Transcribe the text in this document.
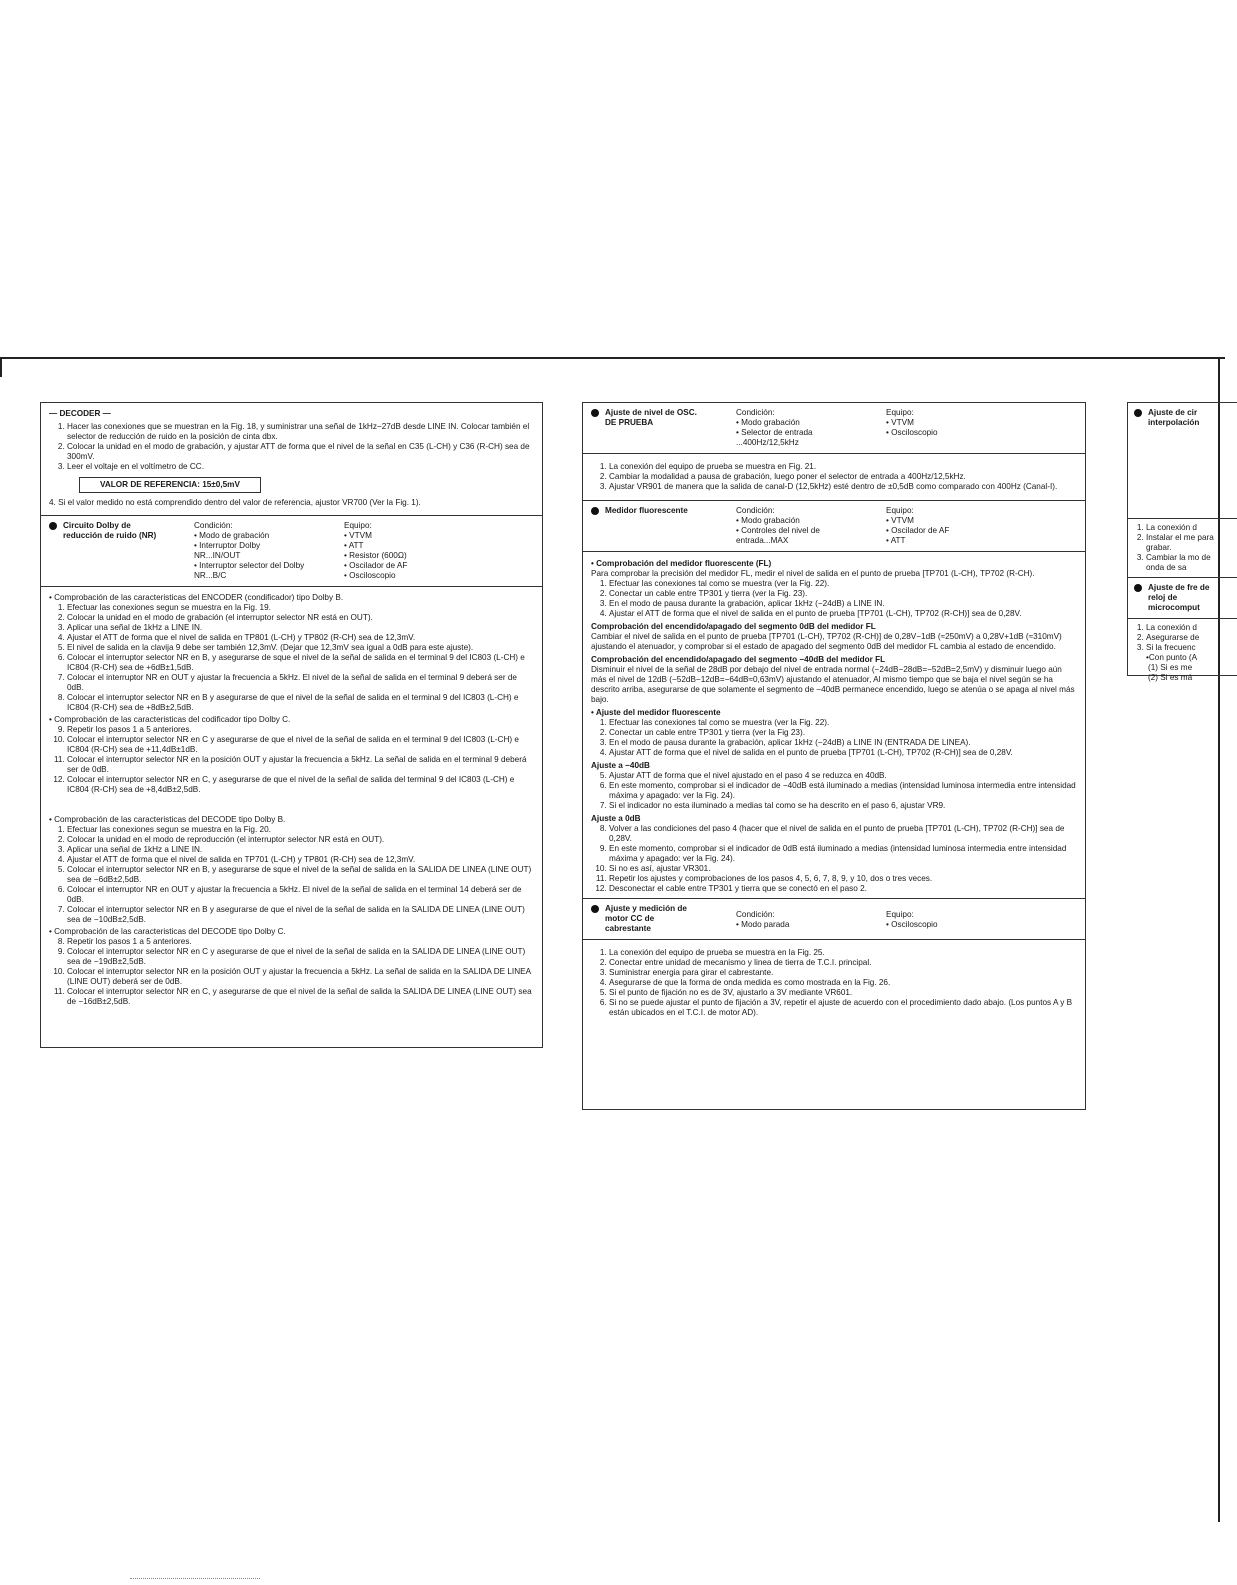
— DECODER —
1. Hacer las conexiones que se muestran en la Fig. 18, y suministrar una señal de 1kHz−27dB desde LINE IN. Colocar también el selector de reducción de ruido en la posición de cinta dbx.
2. Colocar la unidad en el modo de grabación, y ajustar ATT de forma que el nivel de la señal en C35 (L-CH) y C36 (R-CH) sea de 300mV.
3. Leer el voltaje en el voltímetro de CC.
VALOR DE REFERENCIA: 15±0,5mV
4. Si el valor medido no está comprendido dentro del valor de referencia, ajustor VR700 (Ver la Fig. 1).
Circuito Dolby de reducción de ruido (NR)
Condición:
• Modo de grabación
• Interruptor Dolby NR...IN/OUT
• Interruptor selector del Dolby NR...B/C
Equipo:
• VTVM
• ATT
• Resistor (600Ω)
• Oscilador de AF
• Osciloscopio
• Comprobación de las caracteristicas del ENCODER (condificador) tipo Dolby B.
1. Efectuar las conexiones segun se muestra en la Fig. 19.
2. Colocar la unidad en el modo de grabación (el interruptor selector NR está en OUT).
3. Aplicar una señal de 1kHz a LINE IN.
4. Ajustar el ATT de forma que el nivel de salida en TP801 (L-CH) y TP802 (R-CH) sea de 12,3mV.
5. El nivel de salida en la clavija 9 debe ser también 12,3mV. (Dejar que 12,3mV sea igual a 0dB para este ajuste).
6. Colocar el interruptor selector NR en B, y asegurarse de sque el nivel de la señal de salida en el terminal 9 del IC803 (L-CH) e IC804 (R-CH) sea de +6dB±1,5dB.
7. Colocar el interruptor NR en OUT y ajustar la frecuencia a 5kHz. El nivel de la señal de salida en el terminal 9 deberá ser de 0dB.
8. Colocar el interruptor selector NR en B y asegurarse de que el nivel de la señal de salida en el terminal 9 del IC803 (L-CH) e IC804 (R-CH) sea de +8dB±2,5dB.
• Comprobación de las caracteristicas del codificador tipo Dolby C.
9. Repetir los pasos 1 a 5 anteriores.
10. Colocar el interruptor selector NR en C y asegurarse de que el nivel de la señal de salida en el terminal 9 del IC803 (L-CH) e IC804 (R-CH) sea de +11,4dB±1dB.
11. Colocar el interruptor selector NR en la posición OUT y ajustar la frecuencia a 5kHz. La señal de salida en el terminal 9 deberá ser de 0dB.
12. Colocar el interruptor selector NR en C, y asegurarse de que el nivel de la señal de salida del terminal 9 del IC803 (L-CH) e IC804 (R-CH) sea de +8,4dB±2,5dB.
• Comprobación de las caracteristicas del DECODE tipo Dolby B.
1. Efectuar las conexiones segun se muestra en la Fig. 20.
2. Colocar la unidad en el modo de reproducción (el interruptor selector NR está en OUT).
3. Aplicar una señal de 1kHz a LINE IN.
4. Ajustar el ATT de forma que el nivel de salida en TP701 (L-CH) y TP801 (R-CH) sea de 12,3mV.
5. Colocar el interruptor selector NR en B, y asegurarse de sque el nivel de la señal de salida en la SALIDA DE LINEA (LINE OUT) sea de −6dB±2,5dB.
6. Colocar el interruptor NR en OUT y ajustar la frecuencia a 5kHz. El nivel de la señal de salida en el terminal 14 deberá ser de 0dB.
7. Colocar el interruptor selector NR en B y asegurarse de que el nivel de la señal de salida en la SALIDA DE LINEA (LINE OUT) sea de −10dB±2,5dB.
• Comprobación de las caracteristicas del DECODE tipo Dolby C.
8. Repetir los pasos 1 a 5 anteriores.
9. Colocar el interruptor selector NR en C y asegurarse de que el nivel de la señal de salida en la SALIDA DE LINEA (LINE OUT) sea de −19dB±2,5dB.
10. Colocar el interruptor selector NR en la posición OUT y ajustar la frecuencia a 5kHz. La señal de salida en la SALIDA DE LINEA (LINE OUT) deberá ser de 0dB.
11. Colocar el interruptor selector NR en C, y asegurarse de que el nivel de la señal de salida la SALIDA DE LINEA (LINE OUT) sea de −16dB±2,5dB.
Ajuste de nivel de OSC. DE PRUEBA
Condición:
• Modo grabación
• Selector de entrada ...400Hz/12,5kHz
Equipo:
• VTVM
• Osciloscopio
1. La conexión del equipo de prueba se muestra en Fig. 21.
2. Cambiar la modalidad a pausa de grabación, luego poner el selector de entrada a 400Hz/12,5kHz.
3. Ajustar VR901 de manera que la salida de canal-D (12,5kHz) esté dentro de ±0,5dB como comparado con 400Hz (Canal-I).
Medidor fluorescente	Condición:
• Modo grabación
• Controles del nivel de entrada...MAX
Equipo:
• VTVM
• Oscilador de AF
• ATT
• Comprobación del medidor fluorescente (FL)
Para comprobar la precisión del medidor FL, medir el nivel de salida en el punto de prueba [TP701 (L-CH), TP702 (R-CH).
1. Efectuar las conexiones tal como se muestra (ver la Fig. 22).
2. Conectar un cable entre TP301 y tierra (ver la Fig. 23).
3. En el modo de pausa durante la grabación, aplicar 1kHz (−24dB) a LINE IN.
4. Ajustar el ATT de forma que el nivel de salida en el punto de prueba [TP701 (L-CH), TP702 (R-CH)] sea de 0,28V.
Comprobación del encendido/apagado del segmento 0dB del medidor FL
Cambiar el nivel de salida en el punto de prueba [TP701 (L-CH), TP702 (R-CH)] de 0,28V−1dB (≈250mV) a 0,28V+1dB (≈310mV) ajustando el atenuador, y comprobar si el estado de apagado del segmento 0dB del medidor FL cambia al estado de encendido.
Comprobación del encendido/apagado del segmento −40dB del medidor FL
Disminuir el nivel de la señal de 28dB por debajo del nivel de entrada normal (−24dB−28dB=−52dB=2,5mV) y disminuir luego aún más el nivel de 12dB (−52dB−12dB=−64dB≈0,63mV) ajustando el atenuador, Al mismo tiempo que se baja el nivel según se ha descrito arriba, asegurarse de que solamente el segmento de −40dB permanece encendido, luego se atenúa o se apaga al nivel más bajo.
• Ajuste del medidor fluorescente
1. Efectuar las conexiones tal como se muestra (ver la Fig. 22).
2. Conectar un cable entre TP301 y tierra (ver la Fig 23).
3. En el modo de pausa durante la grabación, aplicar 1kHz (−24dB) a LINE IN (ENTRADA DE LINEA).
4. Ajustar ATT de forma que el nivel de salida en el punto de prueba [TP701 (L-CH), TP702 (R-CH)] sea de 0,28V.
Ajuste a −40dB
5. Ajustar ATT de forma que el nivel ajustado en el paso 4 se reduzca en 40dB.
6. En este momento, comprobar si el indicador de −40dB está iluminado a medias (intensidad luminosa intermedia entre intensidad máxima y apagado: ver la Fig. 24).
7. Si el indicador no esta iluminado a medias tal como se ha descrito en el paso 6, ajustar VR9.
Ajuste a 0dB
8. Volver a las condiciones del paso 4 (hacer que el nivel de salida en el punto de prueba [TP701 (L-CH), TP702 (R-CH)] sea de 0,28V.
9. En este momento, comprobar si el indicador de 0dB está iluminado a medias (intensidad luminosa intermedia entre intensidad máxima y apagado: ver la Fig. 24).
10. Si no es así, ajustar VR301.
11. Repetir los ajustes y comprobaciones de los pasos 4, 5, 6, 7, 8, 9, y 10, dos o tres veces.
12. Desconectar el cable entre TP301 y tierra que se conectó en el paso 2.
Ajuste y medición de motor CC de cabrestante
Condición:
• Modo parada
Equipo:
• Osciloscopio
1. La conexión del equipo de prueba se muestra en la Fig. 25.
2. Conectar entre unidad de mecanismo y linea de tierra de T.C.I. principal.
3. Suministrar energia para girar el cabrestante.
4. Asegurarse de que la forma de onda medida es como mostrada en la Fig. 26.
5. Si el punto de fijación no es de 3V, ajustarlo a 3V mediante VR601.
6. Si no se puede ajustar el punto de fijación a 3V, repetir el ajuste de acuerdo con el procedimiento dado abajo. (Los puntos A y B están ubicados en el T.C.I. de motor AD).
Ajuste de cir interpolación
1. La conexión d
2. Instalar el me para grabar.
3. Cambiar la mo de onda de sa
Ajuste de fre de reloj de microcomput
1. La conexión d
2. Asegurarse de
3. Si la frecuenc
•Con punto (A
(1) Si es me
(2) Si es má
